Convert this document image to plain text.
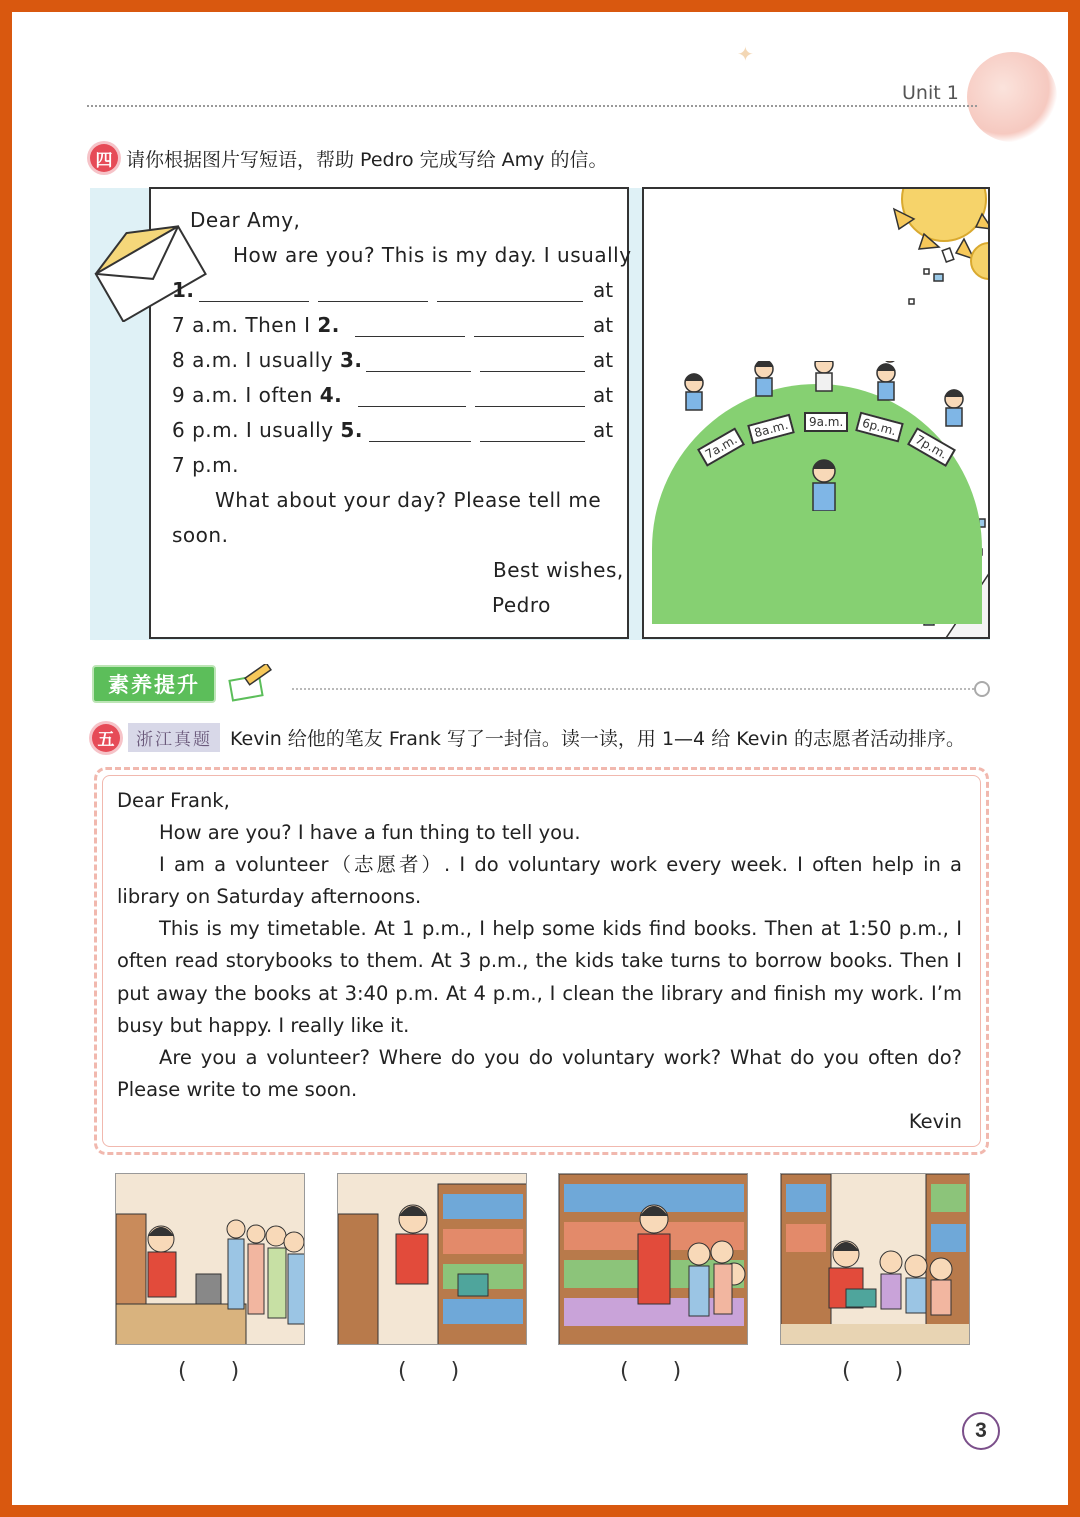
✦
Unit 1
四 请你根据图片写短语，帮助 Pedro 完成写给 Amy 的信。
Dear Amy,
How are you? This is my day. I usually
1.	at
7 a.m. Then I 2.	at
8 a.m. I usually 3.	at
9 a.m. I often 4.	at
6 p.m. I usually 5.	at
7 p.m.
What about your day? Please tell me
soon.
Best wishes,
Pedro
7a.m.
8a.m.	9a.m.	6p.m.
7p.m.
素养提升
五	浙江真题 Kevin 给他的笔友 Frank 写了一封信。读一读，用 1—4 给 Kevin 的志愿者活动排序。
Dear Frank,
How are you? I have a fun thing to tell you.
I am a volunteer（志愿者）. I do voluntary work every week. I often help in a library on Saturday afternoons.
This is my timetable. At 1 p.m., I help some kids find books. Then at 1:50 p.m., I often read storybooks to them. At 3 p.m., the kids take turns to borrow books. Then I put away the books at 3:40 p.m. At 4 p.m., I clean the library and finish my work. I’m busy but happy. I really like it.
Are you a volunteer? Where do you do voluntary work? What do you often do? Please write to me soon.
Kevin
(　　)	(　　)	(　　)	(　　)
3
